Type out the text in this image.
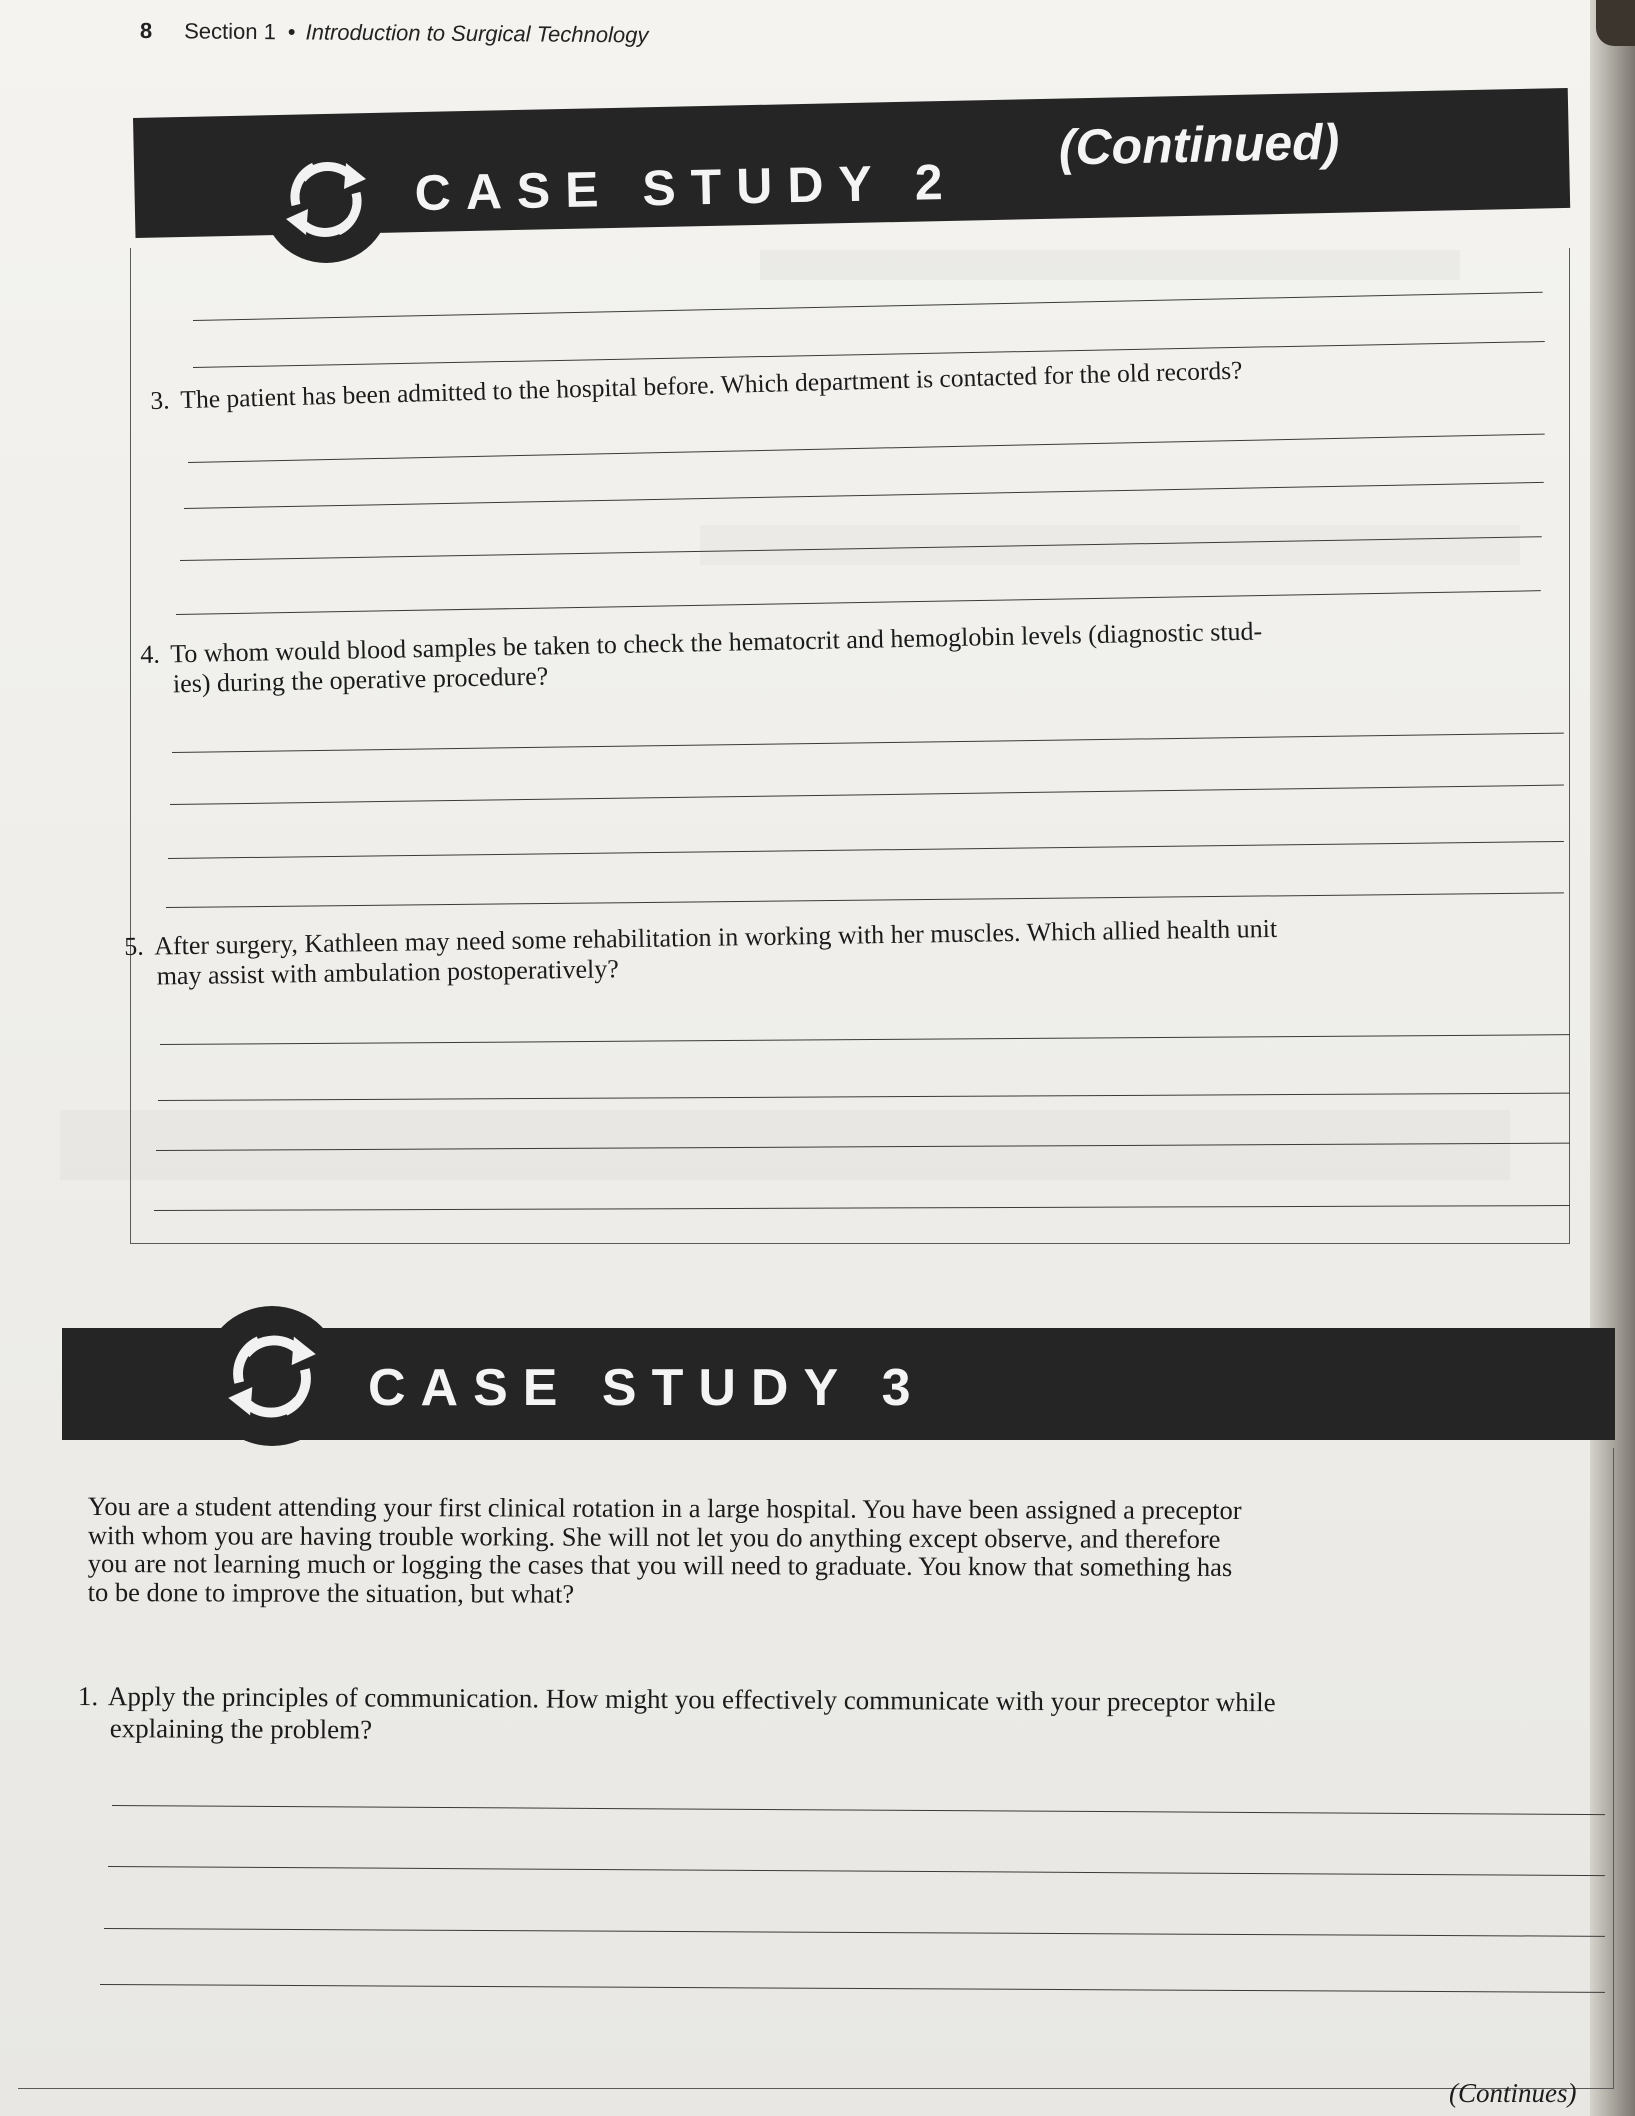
8 Section 1 • Introduction to Surgical Technology
CASE STUDY 2
(Continued)
3. The patient has been admitted to the hospital before. Which department is contacted for the old records?
4. To whom would blood samples be taken to check the hematocrit and hemoglobin levels (diagnostic stud-
ies) during the operative procedure?
5. After surgery, Kathleen may need some rehabilitation in working with her muscles. Which allied health unit
may assist with ambulation postoperatively?
CASE STUDY 3
You are a student attending your first clinical rotation in a large hospital. You have been assigned a preceptor
with whom you are having trouble working. She will not let you do anything except observe, and therefore
you are not learning much or logging the cases that you will need to graduate. You know that something has
to be done to improve the situation, but what?
1. Apply the principles of communication. How might you effectively communicate with your preceptor while
explaining the problem?
(Continues)
